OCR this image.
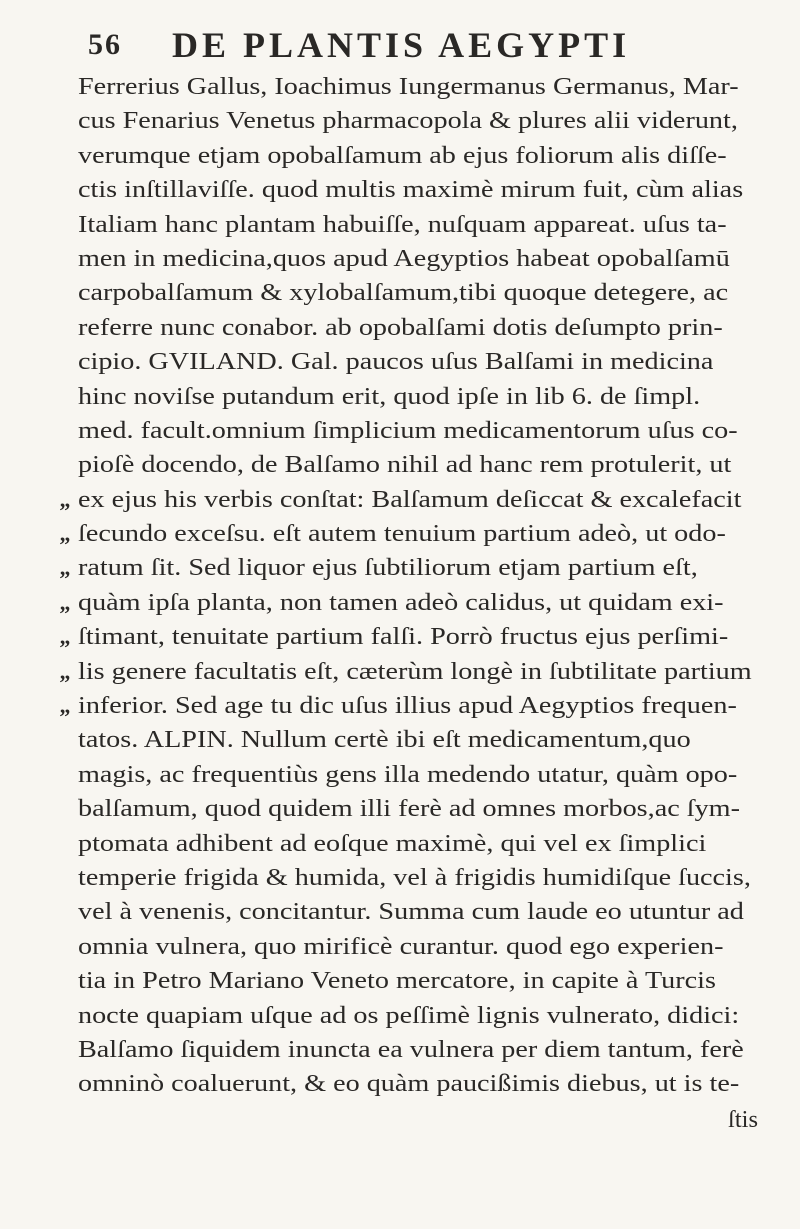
56	DE PLANTIS AEGYPTI
Ferrerius Gallus, Ioachimus Iungermanus Germanus, Mar-
cus Fenarius Venetus pharmacopola & plures alii viderunt,
verumque etjam opobalſamum ab ejus foliorum alis diſſe-
ctis inſtillaviſſe. quod multis maximè mirum fuit, cùm alias
Italiam hanc plantam habuiſſe, nuſquam appareat. uſus ta-
men in medicina,quos apud Aegyptios habeat opobalſamū
carpobalſamum & xylobalſamum,tibi quoque detegere, ac
referre nunc conabor. ab opobalſami dotis deſumpto prin-
cipio. GVILAND. Gal. paucos uſus Balſami in medicina
hinc noviſse putandum erit, quod ipſe in lib 6. de ſimpl.
med. facult.omnium ſimplicium medicamentorum uſus co-
pioſè docendo, de Balſamo nihil ad hanc rem protulerit, ut
„ ex ejus his verbis conſtat: Balſamum deſiccat & excalefacit
„ ſecundo exceſsu. eſt autem tenuium partium adeò, ut odo-
„ ratum ſit. Sed liquor ejus ſubtiliorum etjam partium eſt,
„ quàm ipſa planta, non tamen adeò calidus, ut quidam exi-
„ ſtimant, tenuitate partium falſi. Porrò fructus ejus perſimi-
„ lis genere facultatis eſt, cæterùm longè in ſubtilitate partium
„ inferior. Sed age tu dic uſus illius apud Aegyptios frequen-
tatos. ALPIN. Nullum certè ibi eſt medicamentum,quo
magis, ac frequentiùs gens illa medendo utatur, quàm opo-
balſamum, quod quidem illi ferè ad omnes morbos,ac ſym-
ptomata adhibent ad eoſque maximè, qui vel ex ſimplici
temperie frigida & humida, vel à frigidis humidiſque ſuccis,
vel à venenis, concitantur. Summa cum laude eo utuntur ad
omnia vulnera, quo mirificè curantur. quod ego experien-
tia in Petro Mariano Veneto mercatore, in capite à Turcis
nocte quapiam uſque ad os peſſimè lignis vulnerato, didici:
Balſamo ſiquidem inuncta ea vulnera per diem tantum, ferè
omninò coaluerunt, & eo quàm paucißimis diebus, ut is te-
ſtis
